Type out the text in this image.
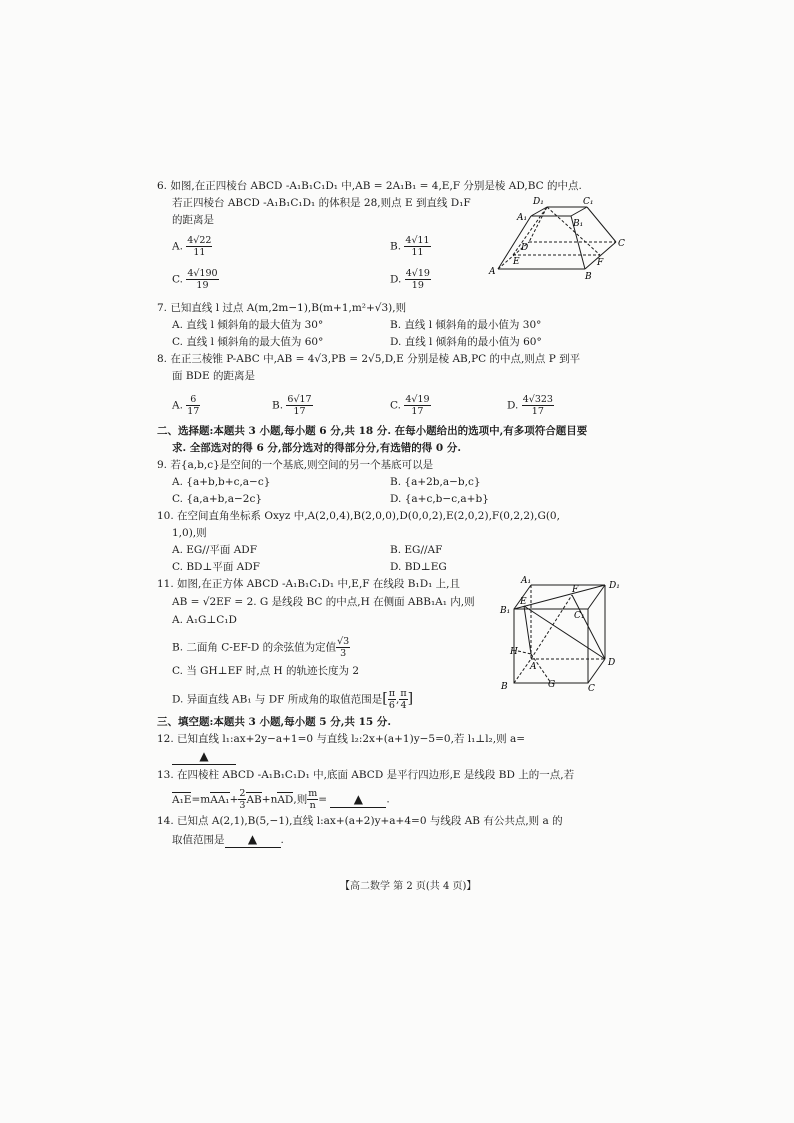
6. 如图,在正四棱台 ABCD -A₁B₁C₁D₁ 中,AB = 2A₁B₁ = 4,E,F 分别是棱 AD,BC 的中点.
若正四棱台 ABCD -A₁B₁C₁D₁ 的体积是 28,则点 E 到直线 D₁F
的距离是
A. $\frac{4√22}{11}$	B. $\frac{4√11}{11}$
C. $\frac{4√190}{19}$	D. $\frac{4√19}{19}$
A₁
B₁
C₁
D₁
A	B
C
D
E	F
7. 已知直线 l 过点 A(m,2m−1),B(m+1,m²+√3),则
A. 直线 l 倾斜角的最大值为 30°	B. 直线 l 倾斜角的最小值为 30°
C. 直线 l 倾斜角的最大值为 60°	D. 直线 l 倾斜角的最小值为 60°
8. 在正三棱锥 P-ABC 中,AB = 4√3,PB = 2√5,D,E 分别是棱 AB,PC 的中点,则点 P 到平
面 BDE 的距离是
A. $\frac{6}{17}$	B. $\frac{6√17}{17}$	C. $\frac{4√19}{17}$	D. $\frac{4√323}{17}$
二、选择题:本题共 3 小题,每小题 6 分,共 18 分. 在每小题给出的选项中,有多项符合题目要
求. 全部选对的得 6 分,部分选对的得部分分,有选错的得 0 分.
9. 若{a,b,c}是空间的一个基底,则空间的另一个基底可以是
A. {a+b,b+c,a−c}	B. {a+2b,a−b,c}
C. {a,a+b,a−2c}	D. {a+c,b−c,a+b}
10. 在空间直角坐标系 Oxyz 中,A(2,0,4),B(2,0,0),D(0,0,2),E(2,0,2),F(0,2,2),G(0,
1,0),则
A. EG//平面 ADF	B. EG//AF
C. BD⊥平面 ADF	D. BD⊥EG
11. 如图,在正方体 ABCD -A₁B₁C₁D₁ 中,E,F 在线段 B₁D₁ 上,且
AB = √2EF = 2. G 是线段 BC 的中点,H 在侧面 ABB₁A₁ 内,则
A. A₁G⊥C₁D
B. 二面角 C-EF-D 的余弦值为定值 $\frac{√3}{3}$
C. 当 GH⊥EF 时,点 H 的轨迹长度为 2
D. 异面直线 AB₁ 与 DF 所成角的取值范围是[ $\frac{\pi}{6}$ , $\frac{\pi}{4}$ ]
A₁
B₁	C₁
D₁
A
B	C
D
E
F
G
H
三、填空题:本题共 3 小题,每小题 5 分,共 15 分.
12. 已知直线 l₁:ax+2y−a+1=0 与直线 l₂:2x+(a+1)y−5=0,若 l₁⊥l₂,则 a=
▲
13. 在四棱柱 ABCD -A₁B₁C₁D₁ 中,底面 ABCD 是平行四边形,E 是线段 BD 上的一点,若
$A_1E=mAA_1+ \frac{2}{3} AB+nAD$,则 $\frac{m}{n}$ = ▲ .
14. 已知点 A(2,1),B(5,−1),直线 l:ax+(a+2)y+a+4=0 与线段 AB 有公共点,则 a 的
取值范围是 ▲ .
【高二数学 第 2 页(共 4 页)】
